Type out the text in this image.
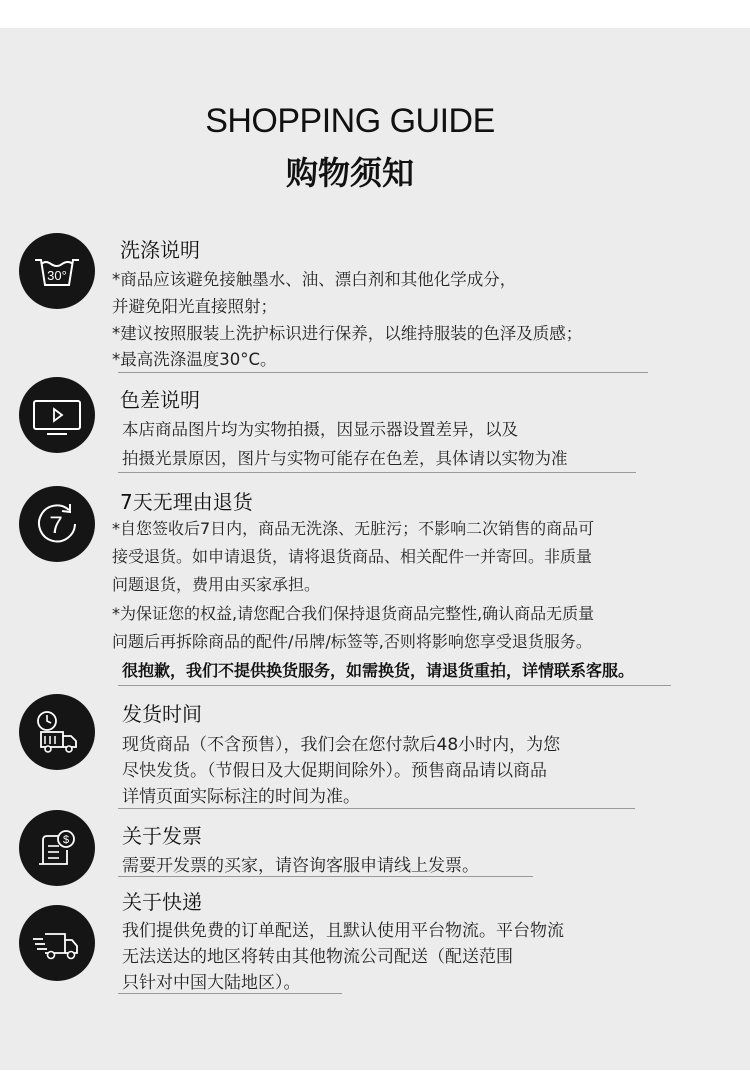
SHOPPING GUIDE
购物须知
30°
洗涤说明
*商品应该避免接触墨水、油、漂白剂和其他化学成分，
并避免阳光直接照射；
*建议按照服装上洗护标识进行保养，以维持服装的色泽及质感；
*最高洗涤温度30°C。
色差说明
本店商品图片均为实物拍摄，因显示器设置差异，以及
拍摄光景原因，图片与实物可能存在色差，具体请以实物为准
7
7天无理由退货
*自您签收后7日内，商品无洗涤、无脏污；不影响二次销售的商品可
接受退货。如申请退货，请将退货商品、相关配件一并寄回。非质量
问题退货，费用由买家承担。
*为保证您的权益,请您配合我们保持退货商品完整性,确认商品无质量
问题后再拆除商品的配件/吊牌/标签等,否则将影响您享受退货服务。
很抱歉，我们不提供换货服务，如需换货，请退货重拍，详情联系客服。
发货时间
现货商品（不含预售），我们会在您付款后48小时内，为您
尽快发货。（节假日及大促期间除外）。预售商品请以商品
详情页面实际标注的时间为准。
$	关于发票
需要开发票的买家，请咨询客服申请线上发票。
关于快递
我们提供免费的订单配送，且默认使用平台物流。平台物流
无法送达的地区将转由其他物流公司配送（配送范围
只针对中国大陆地区）。
